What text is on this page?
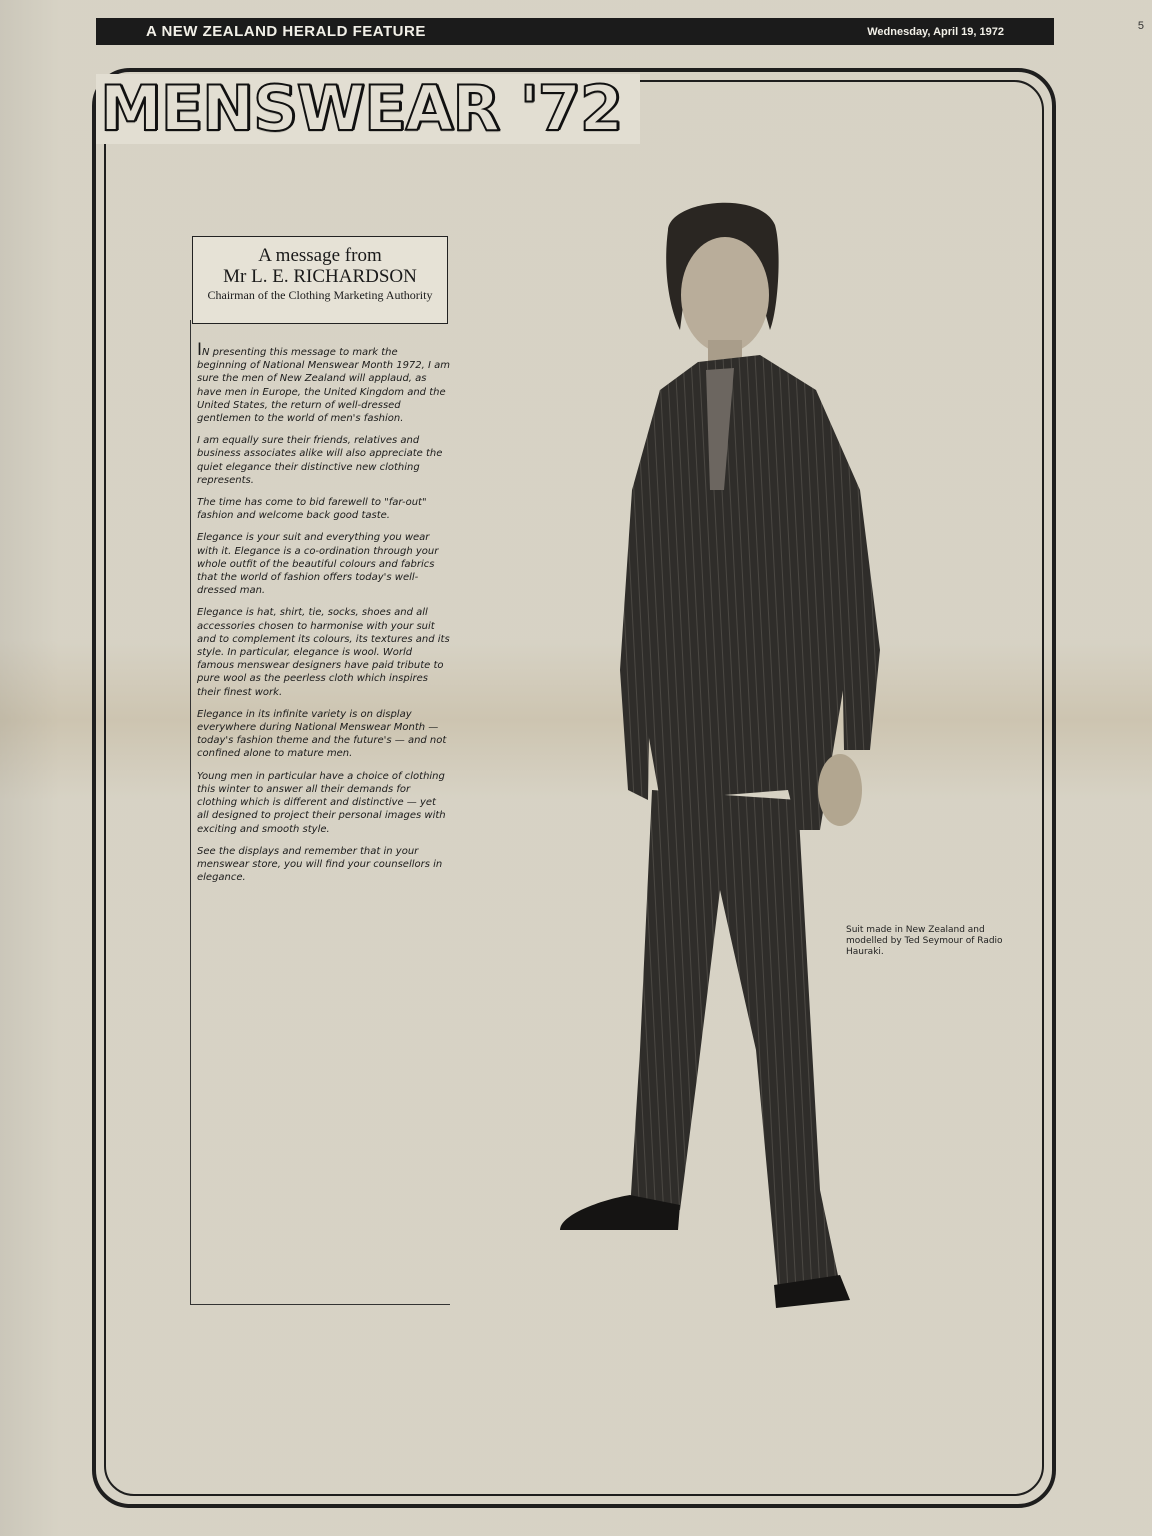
A NEW ZEALAND HERALD FEATURE	Wednesday, April 19, 1972	5
MENSWEAR '72
A message from
Mr L. E. RICHARDSON
Chairman of the Clothing Marketing Authority

IN presenting this message to mark the beginning of National Menswear Month 1972, I am sure the men of New Zealand will applaud, as have men in Europe, the United Kingdom and the United States, the return of well-dressed gentlemen to the world of men's fashion.

I am equally sure their friends, relatives and business associates alike will also appreciate the quiet elegance their distinctive new clothing represents.

The time has come to bid farewell to "far-out" fashion and welcome back good taste.

Elegance is your suit and everything you wear with it. Elegance is a co-ordination through your whole outfit of the beautiful colours and fabrics that the world of fashion offers today's well-dressed man.

Elegance is hat, shirt, tie, socks, shoes and all accessories chosen to harmonise with your suit and to complement its colours, its textures and its style. In particular, elegance is wool. World famous menswear designers have paid tribute to pure wool as the peerless cloth which inspires their finest work.

Elegance in its infinite variety is on display everywhere during National Menswear Month — today's fashion theme and the future's — and not confined alone to mature men.

Young men in particular have a choice of clothing this winter to answer all their demands for clothing which is different and distinctive — yet all designed to project their personal images with exciting and smooth style.

See the displays and remember that in your menswear store, you will find your counsellors in elegance.

Suit made in New Zealand and modelled by Ted Seymour of Radio Hauraki.
